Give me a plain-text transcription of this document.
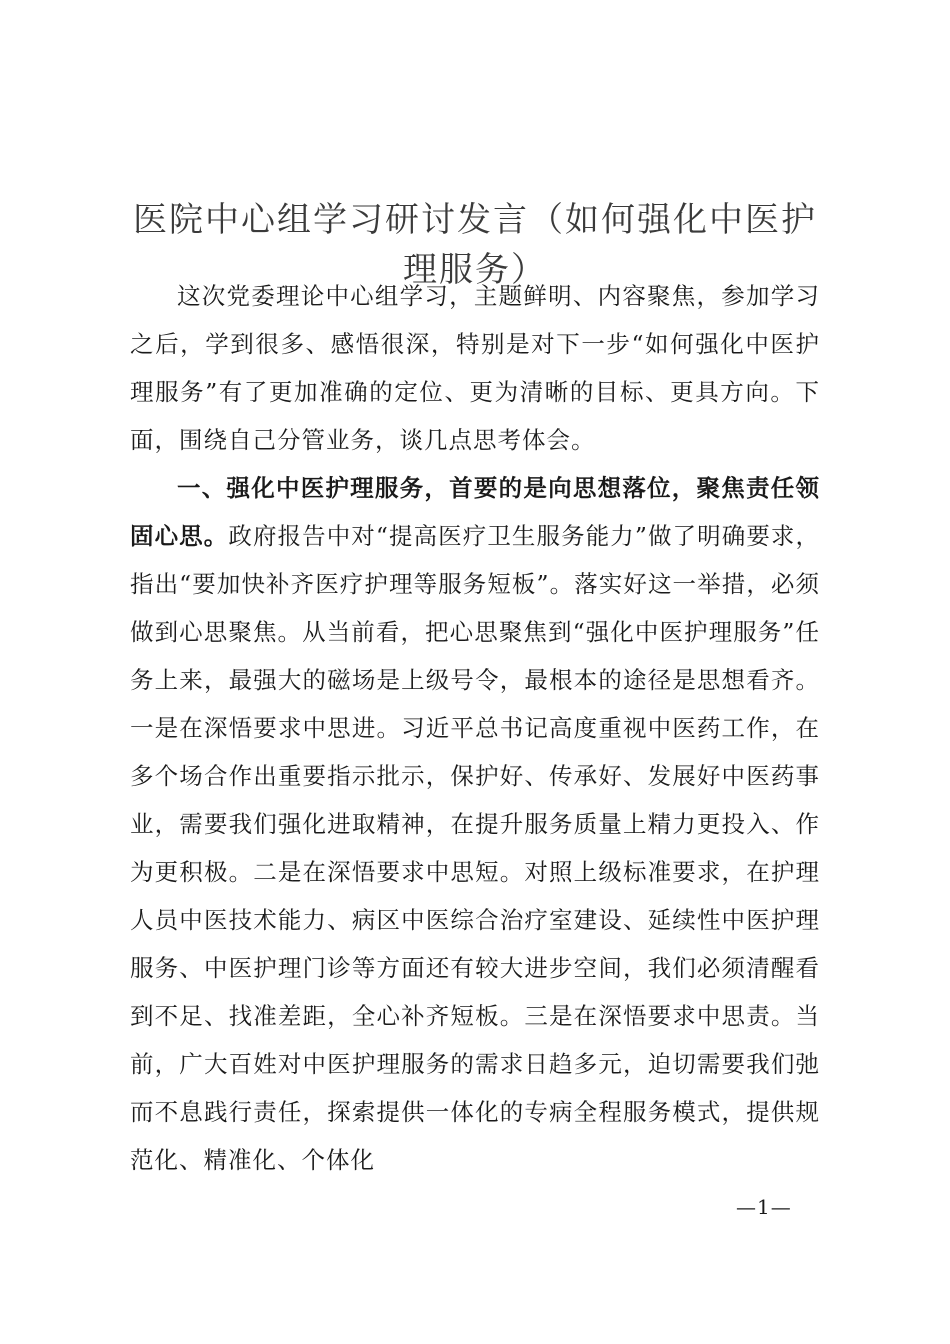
医院中心组学习研讨发言（如何强化中医护理服务）

这次党委理论中心组学习，主题鲜明、内容聚焦，参加学习之后，学到很多、感悟很深，特别是对下一步“如何强化中医护理服务”有了更加准确的定位、更为清晰的目标、更具方向。下面，围绕自己分管业务，谈几点思考体会。

一、强化中医护理服务，首要的是向思想落位，聚焦责任领固心思。政府报告中对“提高医疗卫生服务能力”做了明确要求，指出“要加快补齐医疗护理等服务短板”。落实好这一举措，必须做到心思聚焦。从当前看，把心思聚焦到“强化中医护理服务”任务上来，最强大的磁场是上级号令，最根本的途径是思想看齐。一是在深悟要求中思进。习近平总书记高度重视中医药工作，在多个场合作出重要指示批示，保护好、传承好、发展好中医药事业，需要我们强化进取精神，在提升服务质量上精力更投入、作为更积极。二是在深悟要求中思短。对照上级标准要求，在护理人员中医技术能力、病区中医综合治疗室建设、延续性中医护理服务、中医护理门诊等方面还有较大进步空间，我们必须清醒看到不足、找准差距，全心补齐短板。三是在深悟要求中思责。当前，广大百姓对中医护理服务的需求日趋多元，迫切需要我们弛而不息践行责任，探索提供一体化的专病全程服务模式，提供规范化、精准化、个体化

—1—
